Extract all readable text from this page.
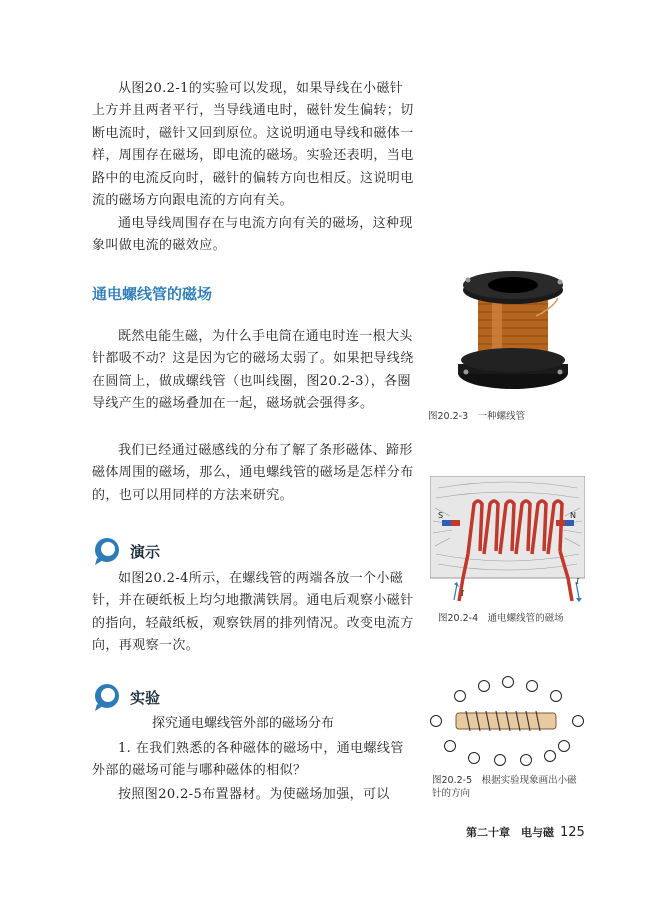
从图20.2-1的实验可以发现，如果导线在小磁针上方并且两者平行，当导线通电时，磁针发生偏转；切断电流时，磁针又回到原位。这说明通电导线和磁体一样，周围存在磁场，即电流的磁场。实验还表明，当电路中的电流反向时，磁针的偏转方向也相反。这说明电流的磁场方向跟电流的方向有关。

通电导线周围存在与电流方向有关的磁场，这种现象叫做电流的磁效应。

通电螺线管的磁场

既然电能生磁，为什么手电筒在通电时连一根大头针都吸不动？这是因为它的磁场太弱了。如果把导线绕在圆筒上，做成螺线管（也叫线圈，图20.2-3），各圈导线产生的磁场叠加在一起，磁场就会强得多。

我们已经通过磁感线的分布了解了条形磁体、蹄形磁体周围的磁场，那么，通电螺线管的磁场是怎样分布的，也可以用同样的方法来研究。

演示

如图20.2-4所示，在螺线管的两端各放一个小磁针，并在硬纸板上均匀地撒满铁屑。通电后观察小磁针的指向，轻敲纸板，观察铁屑的排列情况。改变电流方向，再观察一次。

实验
探究通电螺线管外部的磁场分布

1. 在我们熟悉的各种磁体的磁场中，通电螺线管外部的磁场可能与哪种磁体的相似？

按照图20.2-5布置器材。为使磁场加强，可以

图20.2-3　一种螺线管
S	N
I
I
图20.2-4　通电螺线管的磁场
图20.2-5　根据实验现象画出小磁针的方向
第二十章　电与磁 125
